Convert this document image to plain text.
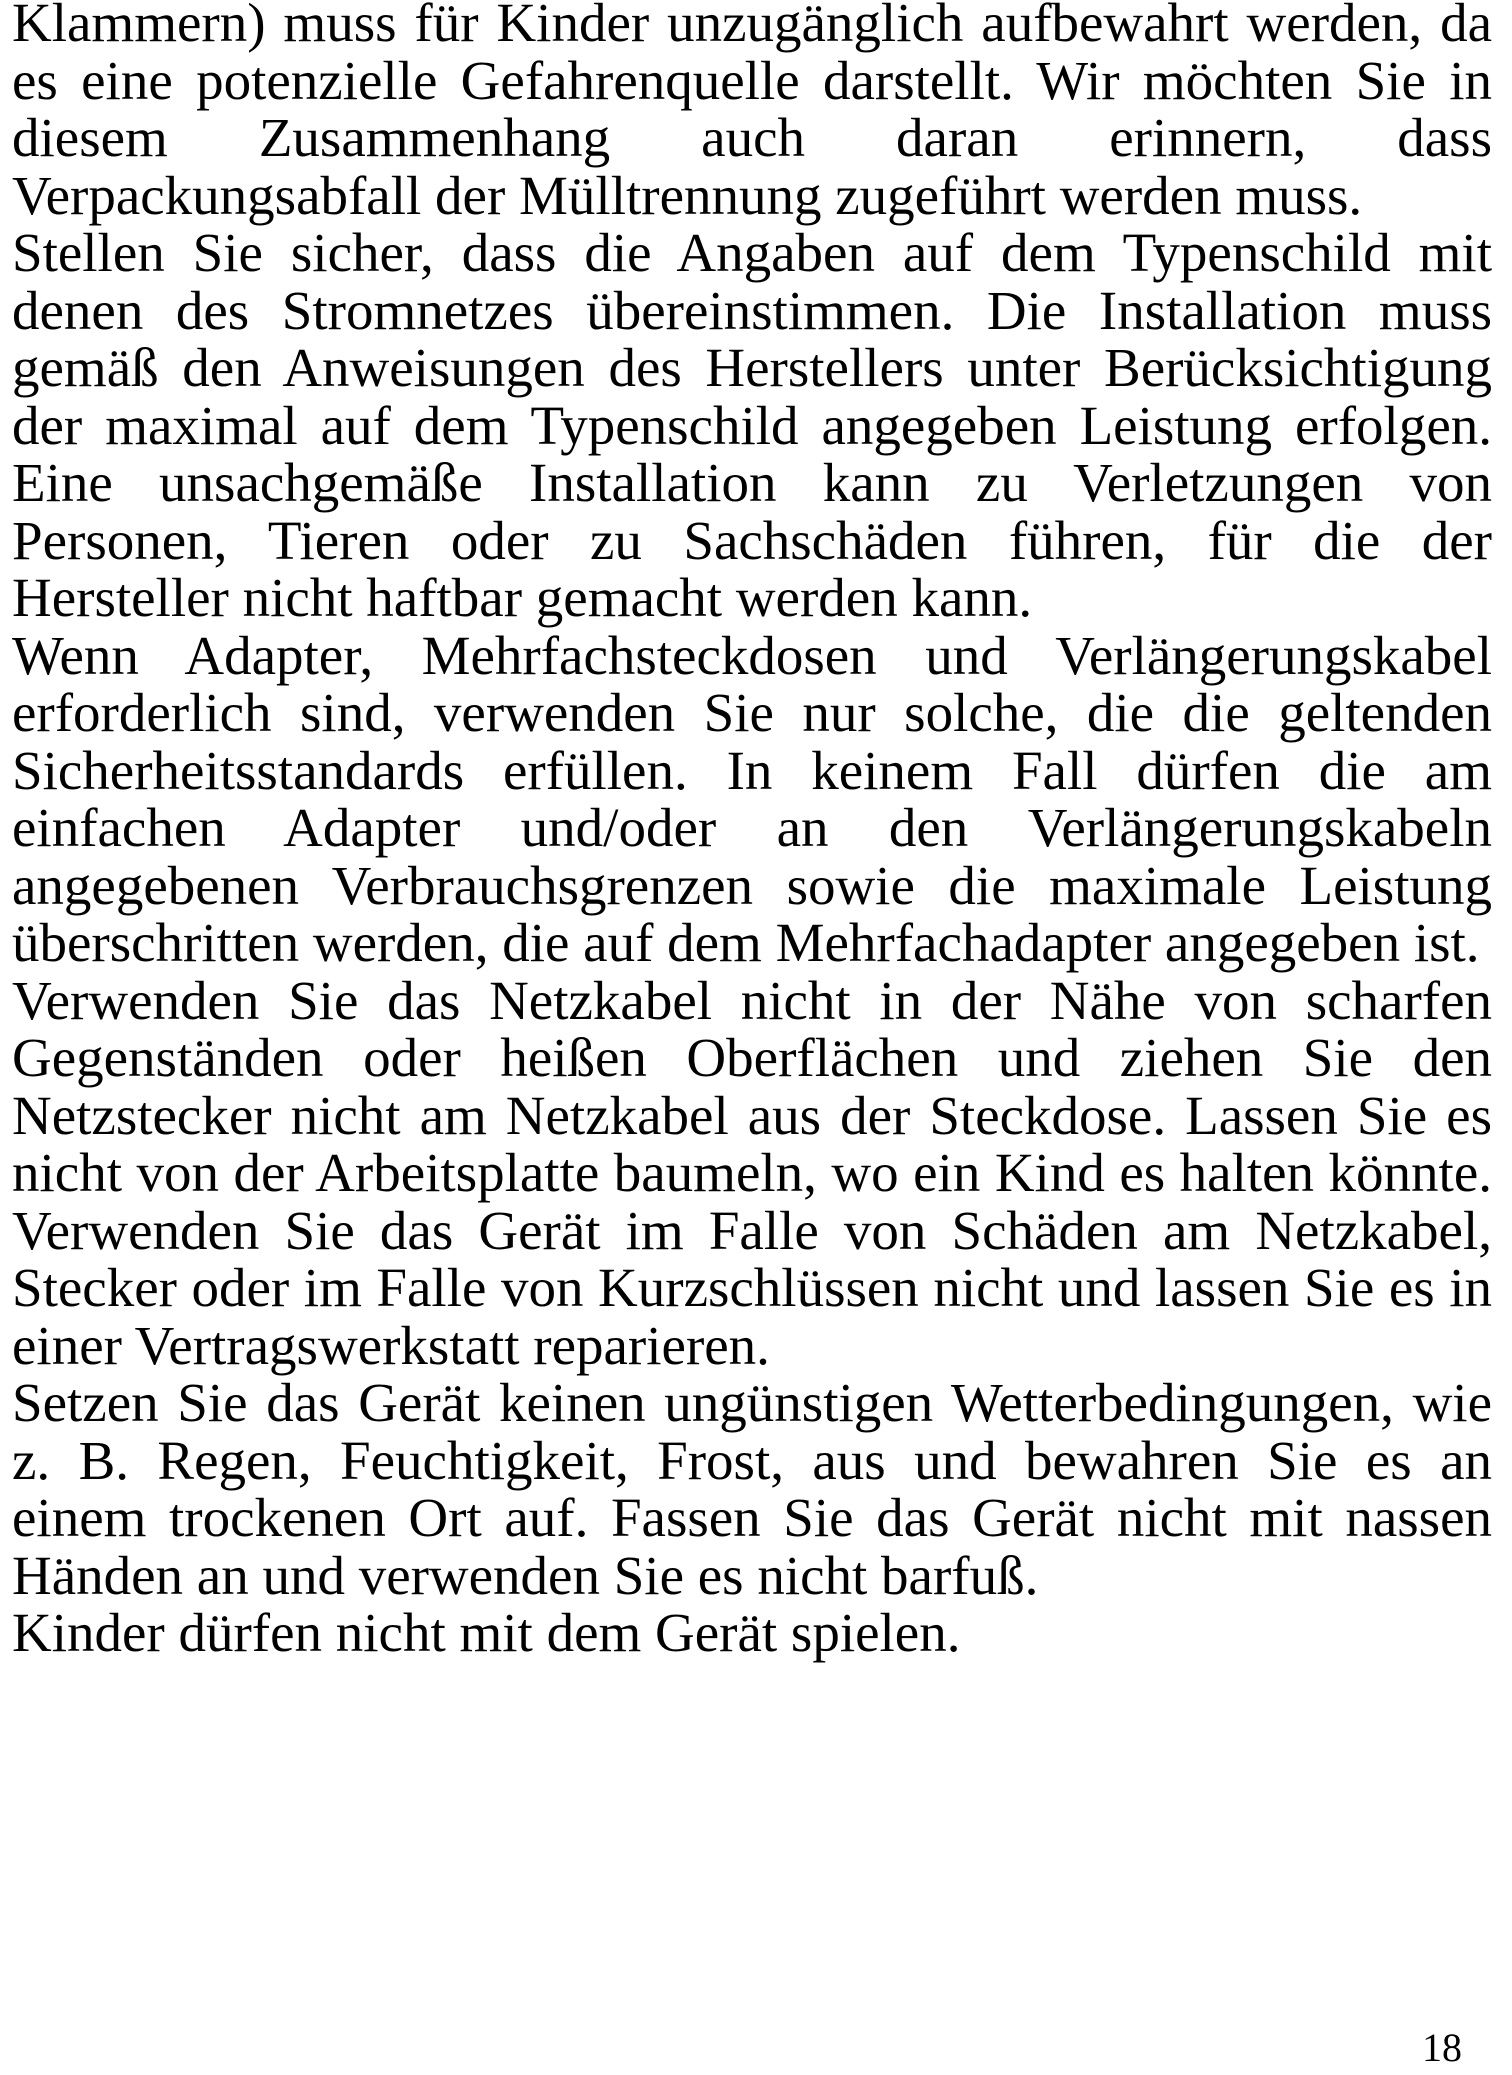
Klammern) muss für Kinder unzugänglich aufbewahrt werden, da es eine potenzielle Gefahrenquelle darstellt. Wir möchten Sie in diesem Zusammenhang auch daran erinnern, dass Verpackungsabfall der Mülltrennung zugeführt werden muss.

Stellen Sie sicher, dass die Angaben auf dem Typenschild mit denen des Stromnetzes übereinstimmen. Die Installation muss gemäß den Anweisungen des Herstellers unter Berücksichtigung der maximal auf dem Typenschild angegeben Leistung erfolgen. Eine unsachgemäße Installation kann zu Verletzungen von Personen, Tieren oder zu Sachschäden führen, für die der Hersteller nicht haftbar gemacht werden kann.

Wenn Adapter, Mehrfachsteckdosen und Verlängerungskabel erforderlich sind, verwenden Sie nur solche, die die geltenden Sicherheitsstandards erfüllen. In keinem Fall dürfen die am einfachen Adapter und/oder an den Verlängerungskabeln angegebenen Verbrauchsgrenzen sowie die maximale Leistung überschritten werden, die auf dem Mehrfachadapter angegeben ist.

Verwenden Sie das Netzkabel nicht in der Nähe von scharfen Gegenständen oder heißen Oberflächen und ziehen Sie den Netzstecker nicht am Netzkabel aus der Steckdose. Lassen Sie es nicht von der Arbeitsplatte baumeln, wo ein Kind es halten könnte. Verwenden Sie das Gerät im Falle von Schäden am Netzkabel, Stecker oder im Falle von Kurzschlüssen nicht und lassen Sie es in einer Vertragswerkstatt reparieren.

Setzen Sie das Gerät keinen ungünstigen Wetterbedingungen, wie z. B. Regen, Feuchtigkeit, Frost, aus und bewahren Sie es an einem trockenen Ort auf. Fassen Sie das Gerät nicht mit nassen Händen an und verwenden Sie es nicht barfuß.

Kinder dürfen nicht mit dem Gerät spielen.

18
